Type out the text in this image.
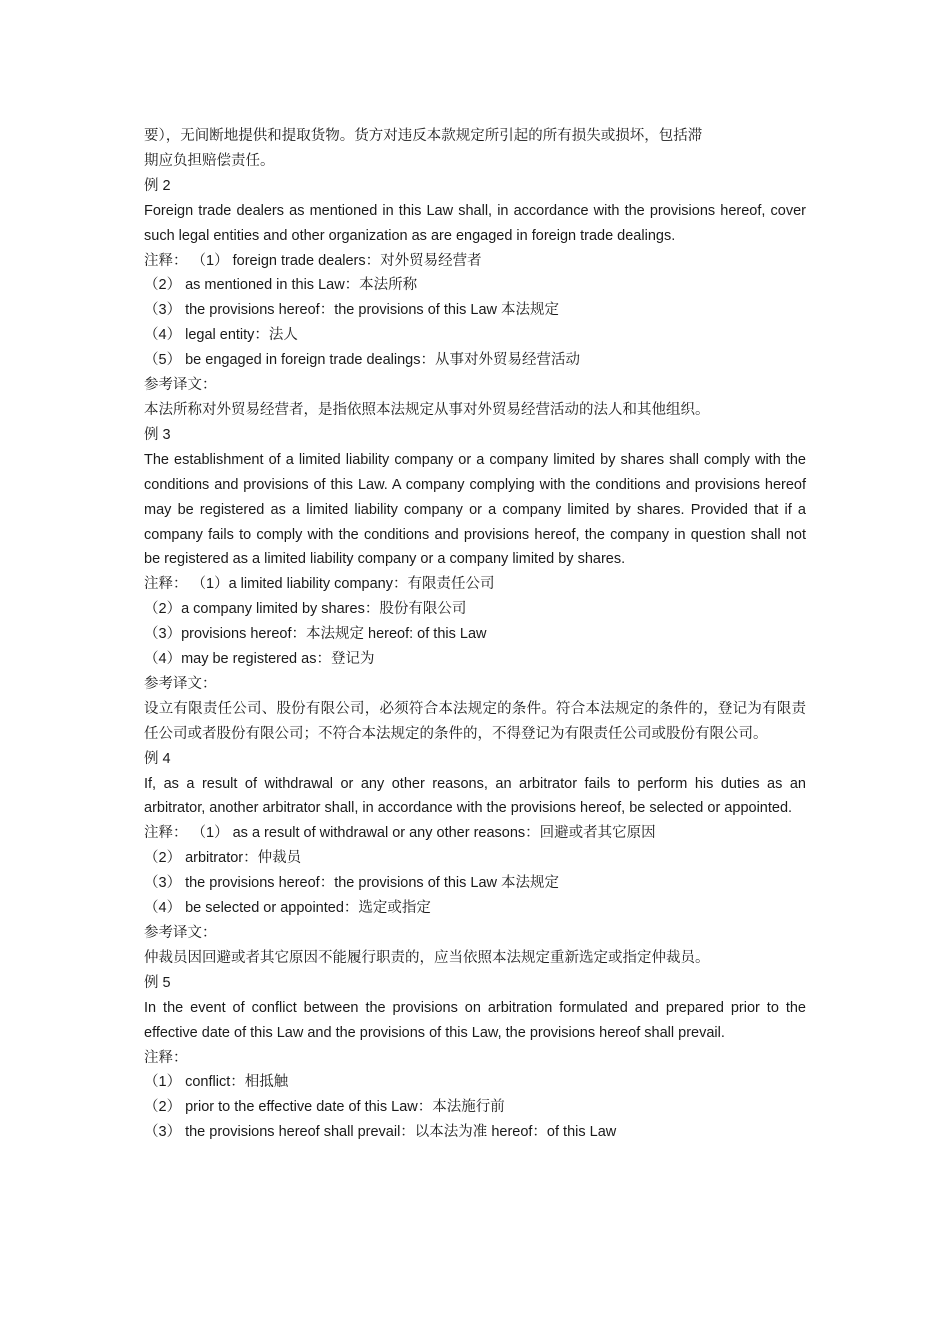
要），无间断地提供和提取货物。货方对违反本款规定所引起的所有损失或损坏，包括滞
期应负担赔偿责任。
例 2
Foreign trade dealers as mentioned in this Law shall, in accordance with the provisions hereof, cover such legal entities and other organization as are engaged in foreign trade dealings.
注释： （1） foreign trade dealers：对外贸易经营者
（2） as mentioned in this Law：本法所称
（3） the provisions hereof：the provisions of this Law 本法规定
（4） legal entity：法人
（5） be engaged in foreign trade dealings：从事对外贸易经营活动
参考译文：
本法所称对外贸易经营者，是指依照本法规定从事对外贸易经营活动的法人和其他组织。
例 3
The establishment of a limited liability company or a company limited by shares shall comply with the conditions and provisions of this Law. A company complying with the conditions and provisions hereof may be registered as a limited liability company or a company limited by shares. Provided that if a company fails to comply with the conditions and provisions hereof, the company in question shall not be registered as a limited liability company or a company limited by shares.
注释： （1）a limited liability company：有限责任公司
（2）a company limited by shares：股份有限公司
（3）provisions hereof：本法规定 hereof: of this Law
（4）may be registered as：登记为
参考译文：
设立有限责任公司、股份有限公司，必须符合本法规定的条件。符合本法规定的条件的，登记为有限责任公司或者股份有限公司；不符合本法规定的条件的，不得登记为有限责任公司或股份有限公司。
例 4
If, as a result of withdrawal or any other reasons, an arbitrator fails to perform his duties as an arbitrator, another arbitrator shall, in accordance with the provisions hereof, be selected or appointed.
注释： （1） as a result of withdrawal or any other reasons：回避或者其它原因
（2） arbitrator：仲裁员
（3） the provisions hereof：the provisions of this Law 本法规定
（4） be selected or appointed：选定或指定
参考译文：
仲裁员因回避或者其它原因不能履行职责的，应当依照本法规定重新选定或指定仲裁员。
例 5
In the event of conflict between the provisions on arbitration formulated and prepared prior to the effective date of this Law and the provisions of this Law, the provisions hereof shall prevail.
注释：
（1） conflict：相抵触
（2） prior to the effective date of this Law：本法施行前
（3） the provisions hereof shall prevail：以本法为准 hereof：of this Law
